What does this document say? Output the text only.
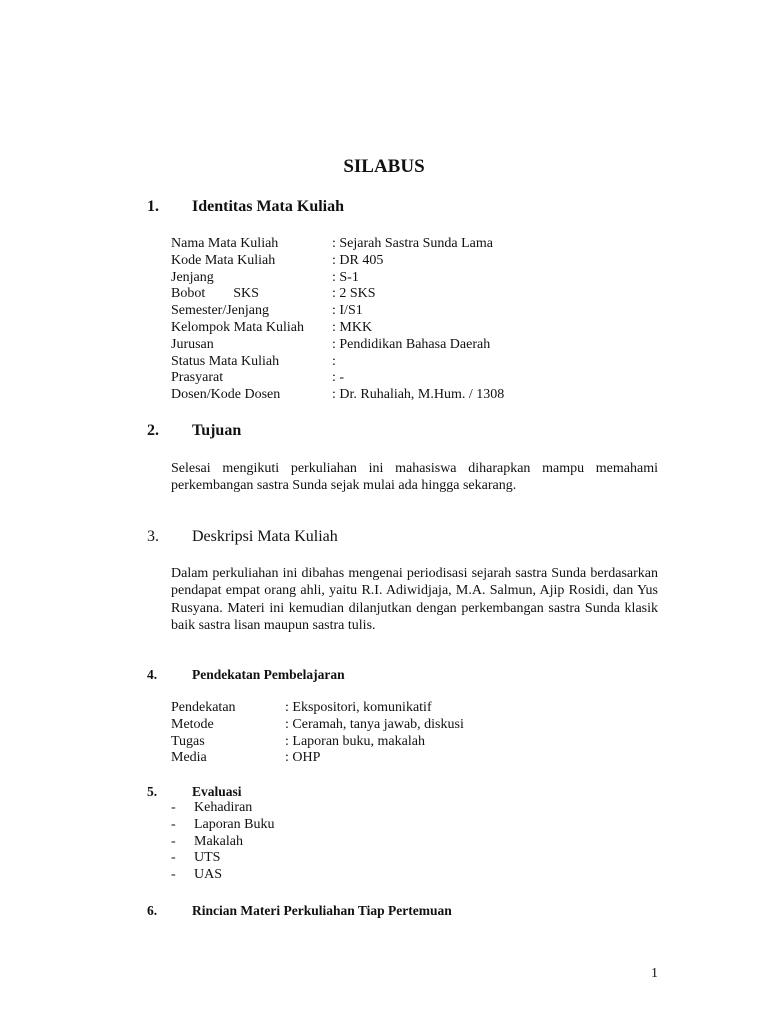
SILABUS
1. Identitas Mata Kuliah
Nama Mata Kuliah	: Sejarah Sastra Sunda Lama
Kode Mata Kuliah	: DR 405
Jenjang	: S-1
Bobot        SKS	: 2 SKS
Semester/Jenjang	: I/S1
Kelompok Mata Kuliah : MKK
Jurusan	: Pendidikan Bahasa Daerah
Status Mata Kuliah	:
Prasyarat	: -
Dosen/Kode Dosen	: Dr. Ruhaliah, M.Hum. / 1308
2. Tujuan
Selesai mengikuti perkuliahan ini mahasiswa diharapkan mampu memahami perkembangan sastra Sunda sejak mulai ada hingga sekarang.
3. Deskripsi Mata Kuliah
Dalam perkuliahan ini dibahas mengenai periodisasi sejarah sastra Sunda berdasarkan pendapat empat orang ahli, yaitu R.I. Adiwidjaja, M.A. Salmun, Ajip Rosidi, dan Yus Rusyana. Materi ini kemudian dilanjutkan dengan perkembangan sastra Sunda klasik baik sastra lisan maupun sastra tulis.
4.	Pendekatan Pembelajaran
Pendekatan	: Ekspositori, komunikatif
Metode	: Ceramah, tanya jawab, diskusi
Tugas	: Laporan buku, makalah
Media	: OHP
5.	Evaluasi
- Kehadiran
- Laporan Buku
- Makalah
- UTS
- UAS
6.	Rincian Materi Perkuliahan Tiap Pertemuan
1
